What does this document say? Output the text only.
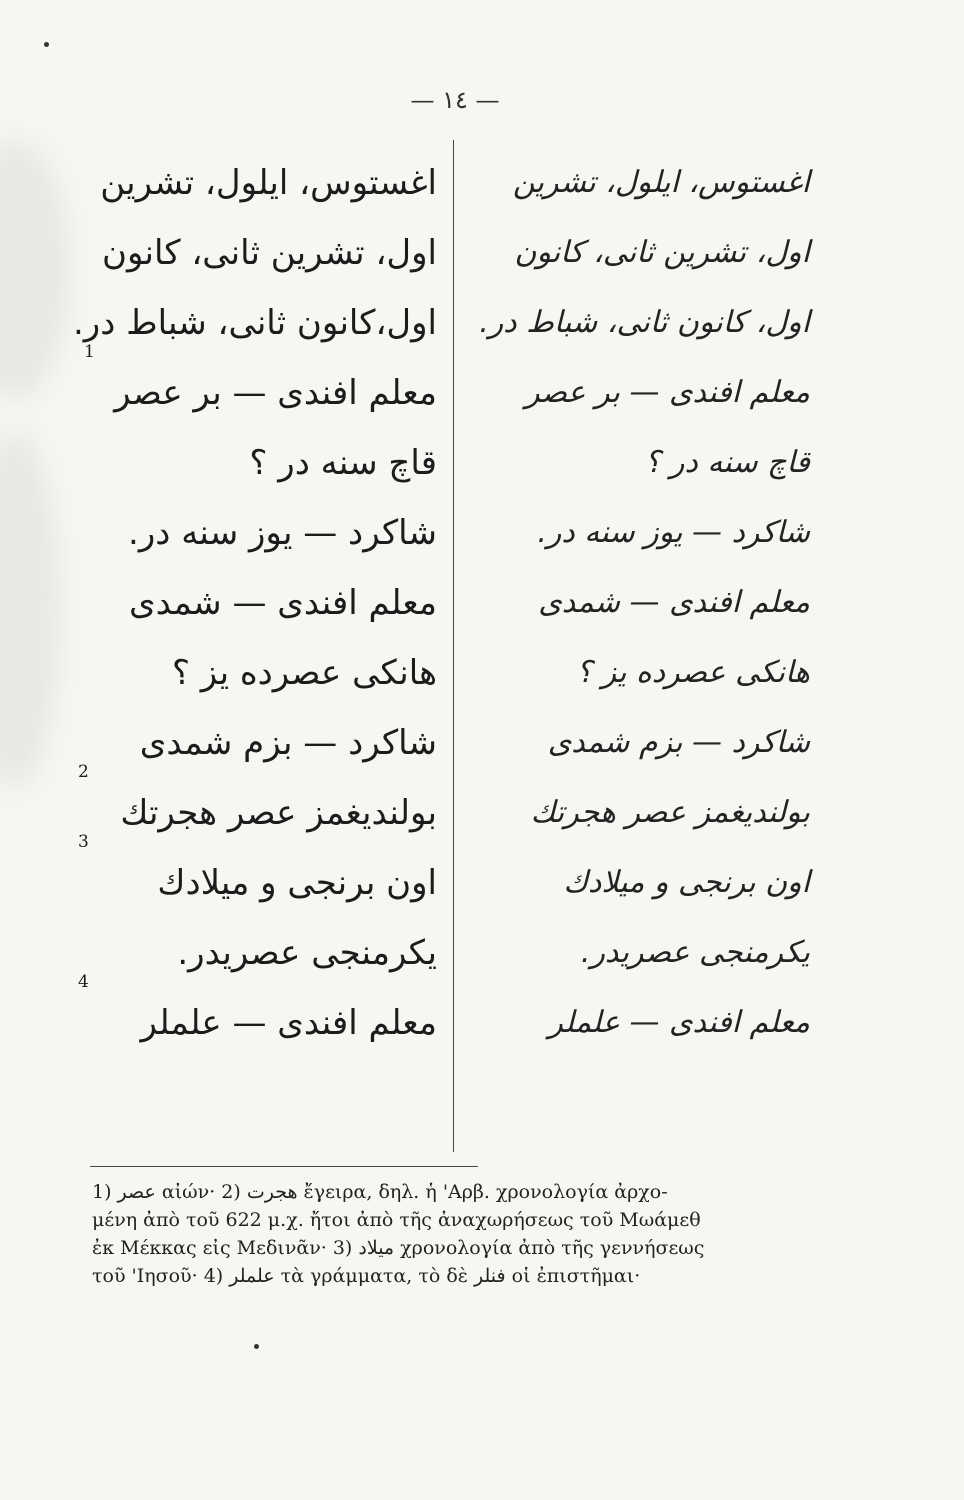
— ١٤ —
اغستوس، ایلول، تشرین
اول، تشرین ثانی، کانون
اول،کانون ثانی، شباط در.
معلم افندی — بر عصر
1
قاچ سنه در ؟
شاکرد — یوز سنه در.
معلم افندی — شمدی
هانکی عصرده یز ؟
شاکرد — بزم شمدی
بولندیغمز عصر هجرتك
2
اون برنجی و میلادك
3
یکرمنجی عصریدر.
معلم افندی — علملر
4
اغستوس، ایلول، تشرین
اول، تشرین ثانی، کانون
اول، کانون ثانی، شباط در.
معلم افندی — بر عصر
قاچ سنه در ؟
شاکرد — یوز سنه در.
معلم افندی — شمدی
هانکی عصرده یز ؟
شاکرد — بزم شمدی
بولندیغمز عصر هجرتك
اون برنجی و میلادك
یکرمنجی عصریدر.
معلم افندی — علملر
1) عصر αἰών· 2) هجرت ἔγειρα, δηλ. ἡ 'Αρβ. χρονολογία ἀρχο-
μένη ἀπὸ τοῦ 622 μ.χ. ἤτοι ἀπὸ τῆς ἀναχωρήσεως τοῦ Μωάμεθ
ἐκ Μέκκας εἰς Μεδινᾶν· 3) میلاد χρονολογία ἀπὸ τῆς γεννήσεως
τοῦ 'Ιησοῦ· 4) علملر τὰ γράμματα, τὸ δὲ فنلر οἱ ἐπιστῆμαι·
